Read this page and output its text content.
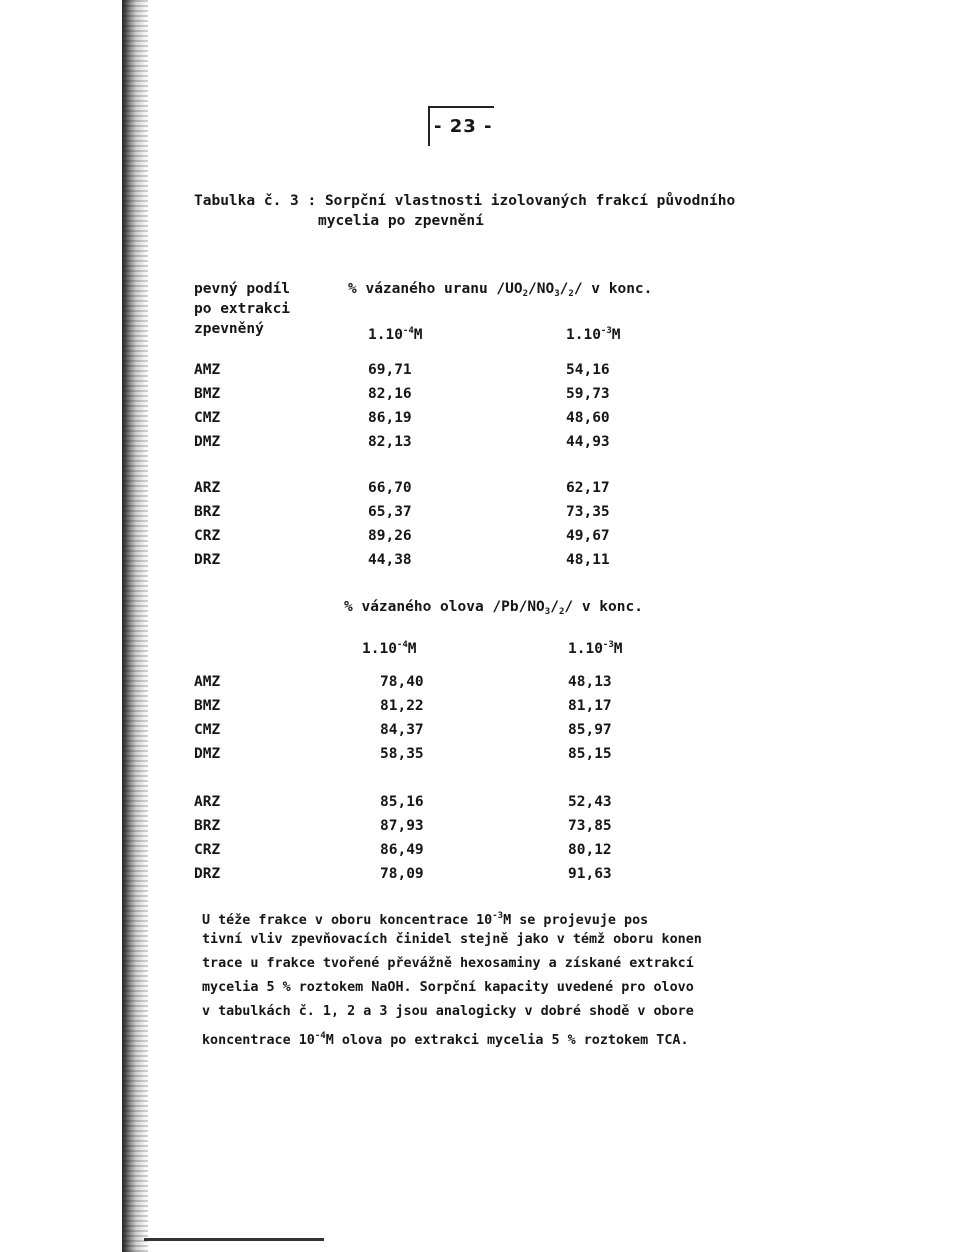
- 23 -
Tabulka č. 3 : Sorpční vlastnosti izolovaných frakcí původního
mycelia po zpevnění
pevný podíl
po extrakci
zpevněný
% vázaného uranu $/UO_2/NO_3/_2/$ v konc.
$1.10^{-4}M$	$1.10^{-3}M$
AMZ	69,71	54,16
BMZ	82,16	59,73
CMZ	86,19	48,60
DMZ	82,13	44,93
ARZ	66,70	62,17
BRZ	65,37	73,35
CRZ	89,26	49,67
DRZ	44,38	48,11
% vázaného olova $/Pb/NO_3/_2/$ v konc.
$1.10^{-4}M$	$1.10^{-3}M$
AMZ	78,40	48,13
BMZ	81,22	81,17
CMZ	84,37	85,97
DMZ	58,35	85,15
ARZ	85,16	52,43
BRZ	87,93	73,85
CRZ	86,49	80,12
DRZ	78,09	91,63
U téže frakce v oboru koncentrace $10^{-3}M$ se projevuje pos
tivní vliv zpevňovacích činidel stejně jako v témž oboru konen
trace u frakce tvořené převážně hexosaminy a získané extrakcí
mycelia 5 % roztokem NaOH. Sorpční kapacity uvedené pro olovo
v tabulkách č. 1, 2 a 3 jsou analogicky v dobré shodě v obore
koncentrace $10^{-4}M$ olova po extrakci mycelia 5 % roztokem TCA.
